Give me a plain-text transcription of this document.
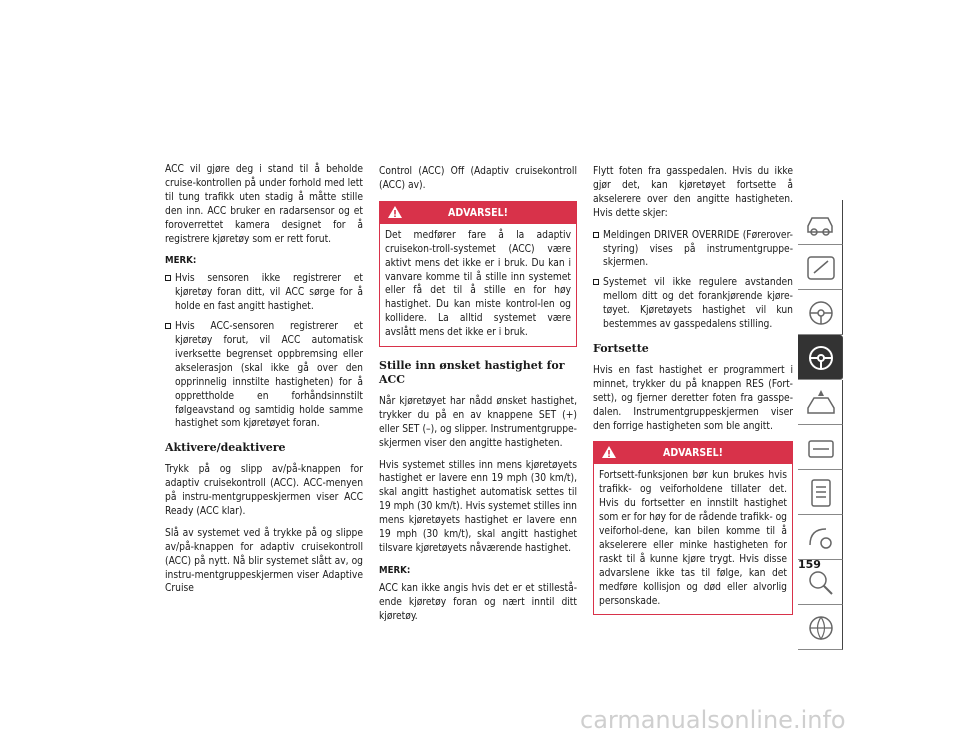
ACC vil gjøre deg i stand til å beholde cruise-kontrollen på under forhold med lett til tung trafikk uten stadig å måtte stille den inn. ACC bruker en radarsensor og et foroverrettet kamera designet for å registrere kjøretøy som er rett forut.

MERK:
Hvis sensoren ikke registrerer et kjøretøy foran ditt, vil ACC sørge for å holde en fast angitt hastighet.
Hvis ACC-sensoren registrerer et kjøretøy forut, vil ACC automatisk iverksette begrenset oppbremsing eller akselerasjon (skal ikke gå over den opprinnelig innstilte hastigheten) for å opprettholde en forhåndsinnstilt følgeavstand og samtidig holde samme hastighet som kjøretøyet foran.
Aktivere/deaktivere

Trykk på og slipp av/på-knappen for adaptiv cruisekontroll (ACC). ACC-menyen på instru-mentgruppeskjermen viser ACC Ready (ACC klar).

Slå av systemet ved å trykke på og slippe av/på-knappen for adaptiv cruisekontroll (ACC) på nytt. Nå blir systemet slått av, og instru-mentgruppeskjermen viser Adaptive Cruise

Control (ACC) Off (Adaptiv cruisekontroll (ACC) av).

ADVARSEL!
Det medfører fare å la adaptiv cruisekon-troll-systemet (ACC) være aktivt mens det ikke er i bruk. Du kan i vanvare komme til å stille inn systemet eller få det til å stille en for høy hastighet. Du kan miste kontrol-len og kollidere. La alltid systemet være avslått mens det ikke er i bruk.
Stille inn ønsket hastighet for ACC

Når kjøretøyet har nådd ønsket hastighet, trykker du på en av knappene SET (+) eller SET (–), og slipper. Instrumentgruppe-skjermen viser den angitte hastigheten.

Hvis systemet stilles inn mens kjøretøyets hastighet er lavere enn 19 mph (30 km/t), skal angitt hastighet automatisk settes til 19 mph (30 km/t). Hvis systemet stilles inn mens kjøretøyets hastighet er lavere enn 19 mph (30 km/t), skal angitt hastighet tilsvare kjøretøyets nåværende hastighet.

MERK:

ACC kan ikke angis hvis det er et stillestå-ende kjøretøy foran og nært inntil ditt kjøretøy.

Flytt foten fra gasspedalen. Hvis du ikke gjør det, kan kjøretøyet fortsette å akselerere over den angitte hastigheten. Hvis dette skjer:

Meldingen DRIVER OVERRIDE (Førerover-styring) vises på instrumentgruppe-skjermen.
Systemet vil ikke regulere avstanden mellom ditt og det forankjørende kjøre-tøyet. Kjøretøyets hastighet vil kun bestemmes av gasspedalens stilling.
Fortsette

Hvis en fast hastighet er programmert i minnet, trykker du på knappen RES (Fort-sett), og fjerner deretter foten fra gasspe-dalen. Instrumentgruppeskjermen viser den forrige hastigheten som ble angitt.

ADVARSEL!
Fortsett-funksjonen bør kun brukes hvis trafikk- og veiforholdene tillater det. Hvis du fortsetter en innstilt hastighet som er for høy for de rådende trafikk- og veiforhol-dene, kan bilen komme til å akselerere eller minke hastigheten for raskt til å kunne kjøre trygt. Hvis disse advarslene ikke tas til følge, kan det medføre kollisjon og død eller alvorlig personskade.
159
carmanualsonline.info
